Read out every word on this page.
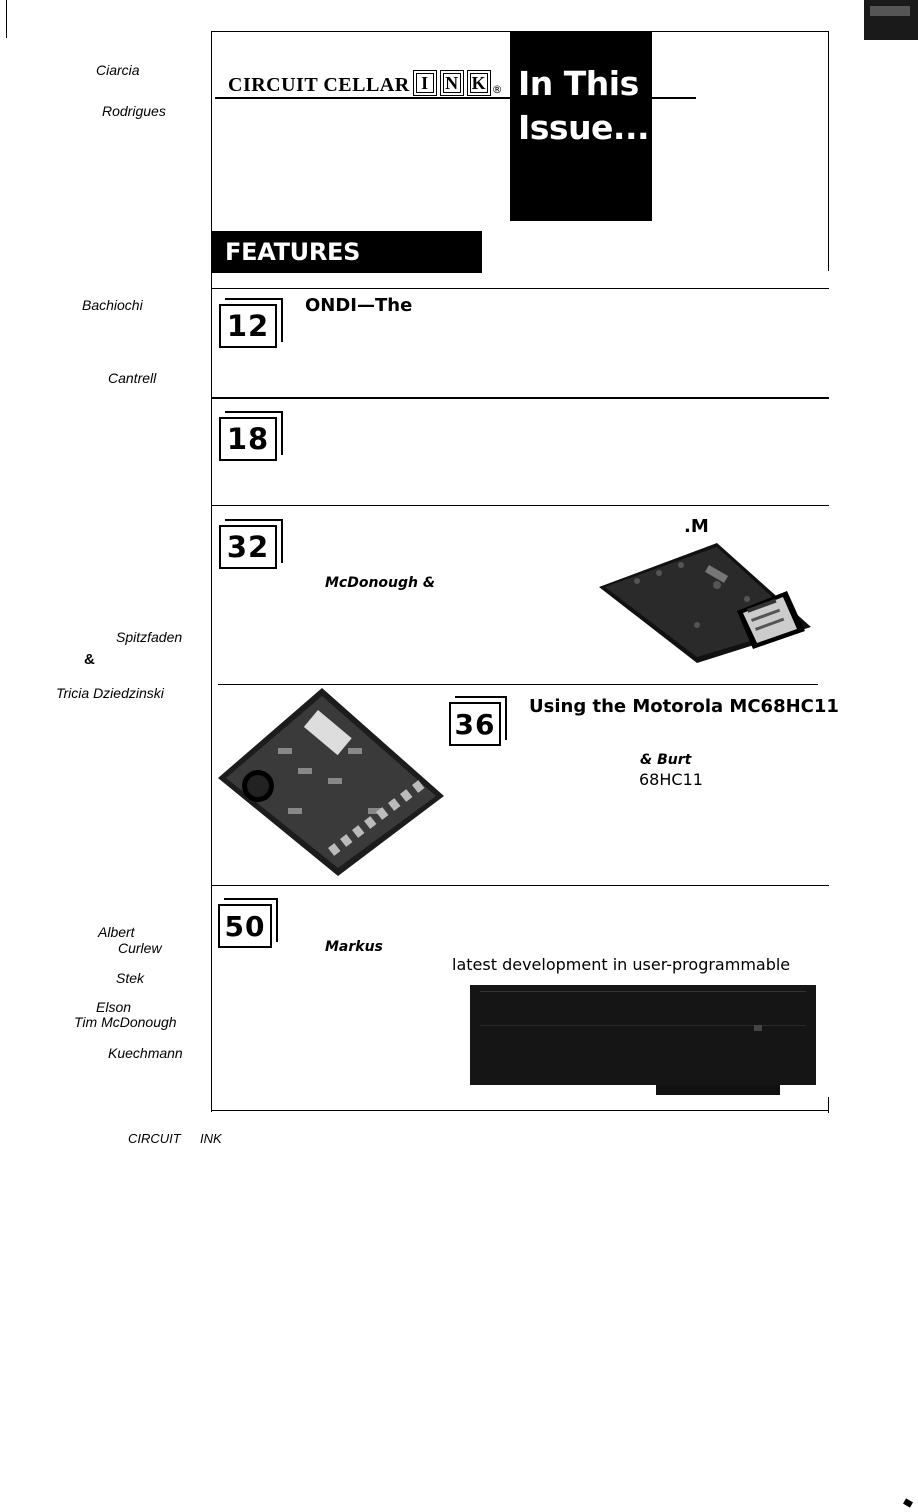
Ciarcia
Rodrigues
Bachiochi
Cantrell
Spitzfaden
&
Tricia Dziedzinski
Albert
Curlew
Stek
Elson
Tim McDonough
Kuechmann
CIRCUIT INK
CIRCUIT CELLAR I N K ® In This
Issue...
FEATURES
12
ONDI—The
18
32
.M
McDonough &
36
Using the Motorola MC68HC11
& Burt
68HC11
50
Markus
latest development in user-programmable
